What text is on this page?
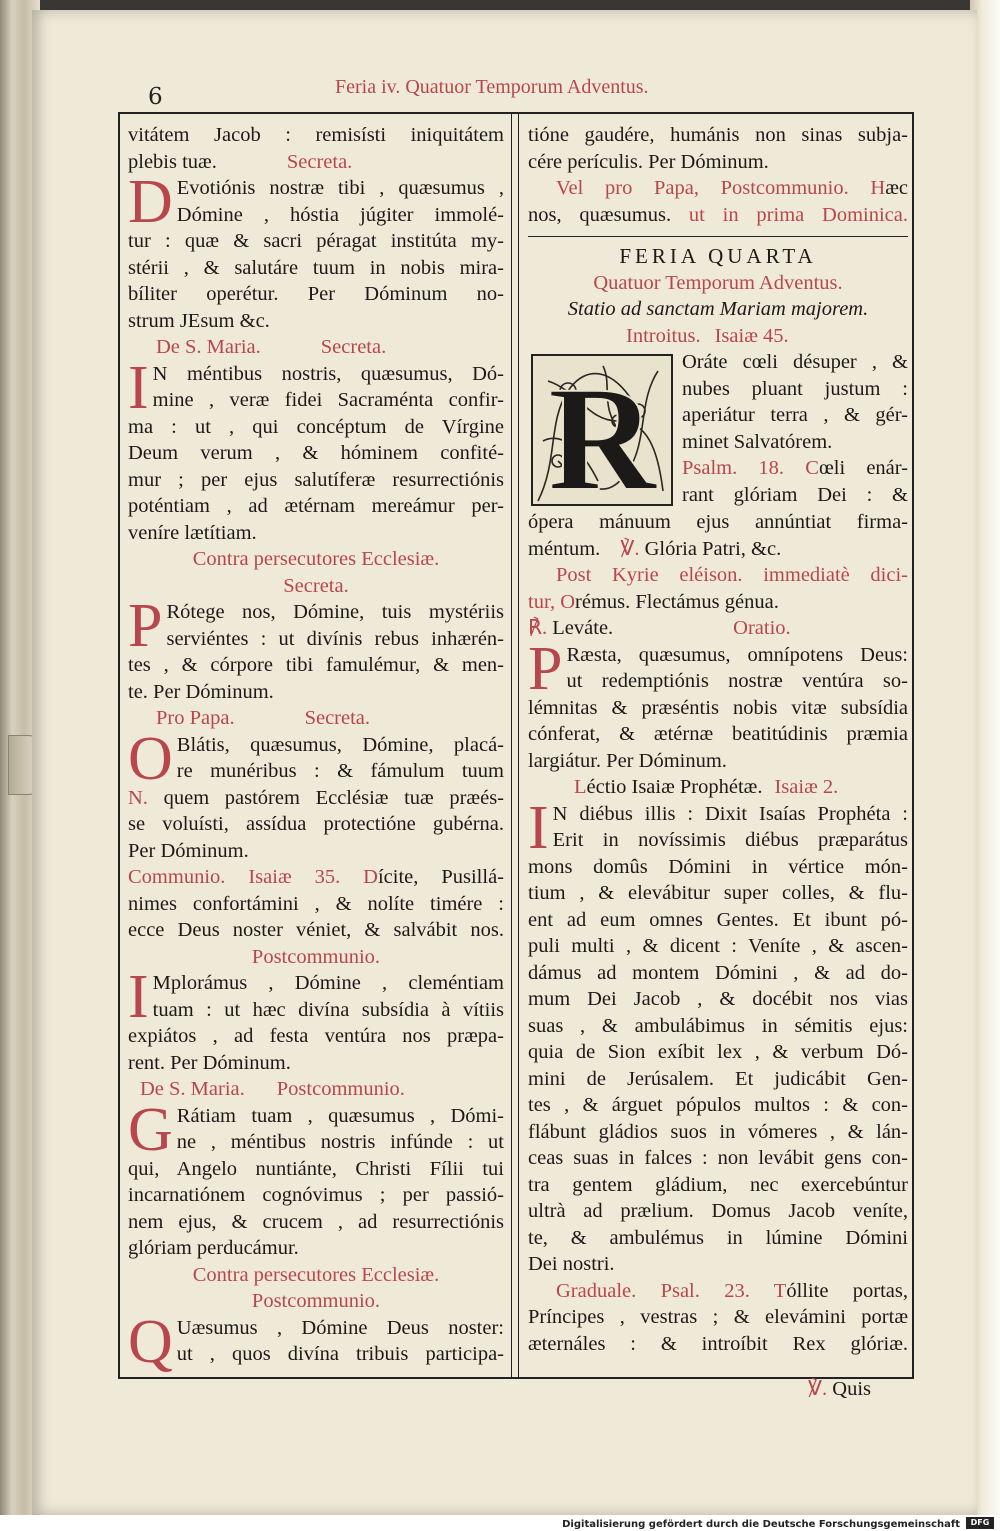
6	Feria iv. Quatuor Temporum Adventus.
vitátem Jacob : remisísti iniquitátem
plebis tuæ.	Secreta.
D Evotiónis nostræ tibi , quæsumus ,
Dómine , hóstia júgiter immolé-
tur : quæ & sacri péragat institúta my-
stérii , & salutáre tuum in nobis mira-
bíliter operétur. Per Dóminum no-
strum JEsum &c.
De S. Maria.	Secreta.
I N méntibus nostris, quæsumus, Dó-
mine , veræ fidei Sacraménta confir-
ma : ut , qui concéptum de Vírgine
Deum verum , & hóminem confité-
mur ; per ejus salutíferæ resurrectiónis
poténtiam , ad ætérnam mereámur per-
veníre lætítiam.
Contra persecutores Ecclesiæ.
Secreta.
P Rótege nos, Dómine, tuis mystériis
serviéntes : ut divínis rebus inhærén-
tes , & córpore tibi famulémur, & men-
te. Per Dóminum.
Pro Papa.	Secreta.
O Blátis, quæsumus, Dómine, placá-
re munéribus : & fámulum tuum
N. quem pastórem Ecclésiæ tuæ præés-
se voluísti, assídua protectióne gubérna.
Per Dóminum.
Communio. Isaiæ 35. Dícite, Pusillá-
nimes confortámini , & nolíte timére :
ecce Deus noster véniet, & salvábit nos.
Postcommunio.
I Mplorámus , Dómine , cleméntiam
tuam : ut hæc divína subsídia à vítiis
expiátos , ad festa ventúra nos præpa-
rent. Per Dóminum.
De S. Maria. Postcommunio.
G Rátiam tuam , quæsumus , Dómi-
ne , méntibus nostris infúnde : ut
qui, Angelo nuntiánte, Christi Fílii tui
incarnatiónem cognóvimus ; per passió-
nem ejus, & crucem , ad resurrectiónis
glóriam perducámur.
Contra persecutores Ecclesiæ.
Postcommunio.
Q Uæsumus , Dómine Deus noster:
ut , quos divína tribuis participa-
tióne gaudére, humánis non sinas subja-
cére perículis. Per Dóminum.
Vel pro Papa, Postcommunio. Hæc
nos, quæsumus. ut in prima Dominica.
FERIA QUARTA
Quatuor Temporum Adventus.
Statio ad sanctam Mariam majorem.
Introitus. Isaiæ 45.
R Oráte cœli désuper , &
nubes pluant justum :
aperiátur terra , & gér-
minet Salvatórem.
Psalm. 18. Cœli enár-
rant glóriam Dei : &
ópera mánuum ejus annúntiat firma-
méntum. ℣. Glória Patri, &c.
Post Kyrie eléison. immediatè dici-
tur, Orémus. Flectámus génua.
℟. Leváte.	Oratio.
P Ræsta, quæsumus, omnípotens Deus:
ut redemptiónis nostræ ventúra so-
lémnitas & præséntis nobis vitæ subsídia
cónferat, & ætérnæ beatitúdinis præmia
largiátur. Per Dóminum.
Léctio Isaiæ Prophétæ. Isaiæ 2.
I N diébus illis : Dixit Isaías Prophéta :
Erit in novíssimis diébus præparátus
mons domûs Dómini in vértice món-
tium , & elevábitur super colles, & flu-
ent ad eum omnes Gentes. Et ibunt pó-
puli multi , & dicent : Veníte , & ascen-
dámus ad montem Dómini , & ad do-
mum Dei Jacob , & docébit nos vias
suas , & ambulábimus in sémitis ejus:
quia de Sion exíbit lex , & verbum Dó-
mini de Jerúsalem. Et judicábit Gen-
tes , & árguet pópulos multos : & con-
flábunt gládios suos in vómeres , & lán-
ceas suas in falces : non levábit gens con-
tra gentem gládium, nec exercebúntur
ultrà ad prælium. Domus Jacob veníte,
te, & ambulémus in lúmine Dómini
Dei nostri.
Graduale. Psal. 23. Tóllite portas,
Príncipes , vestras ; & elevámini portæ
æternáles : & introíbit Rex glóriæ.
℣. Quis
Digitalisierung gefördert durch die Deutsche Forschungsgemeinschaft	DFG
